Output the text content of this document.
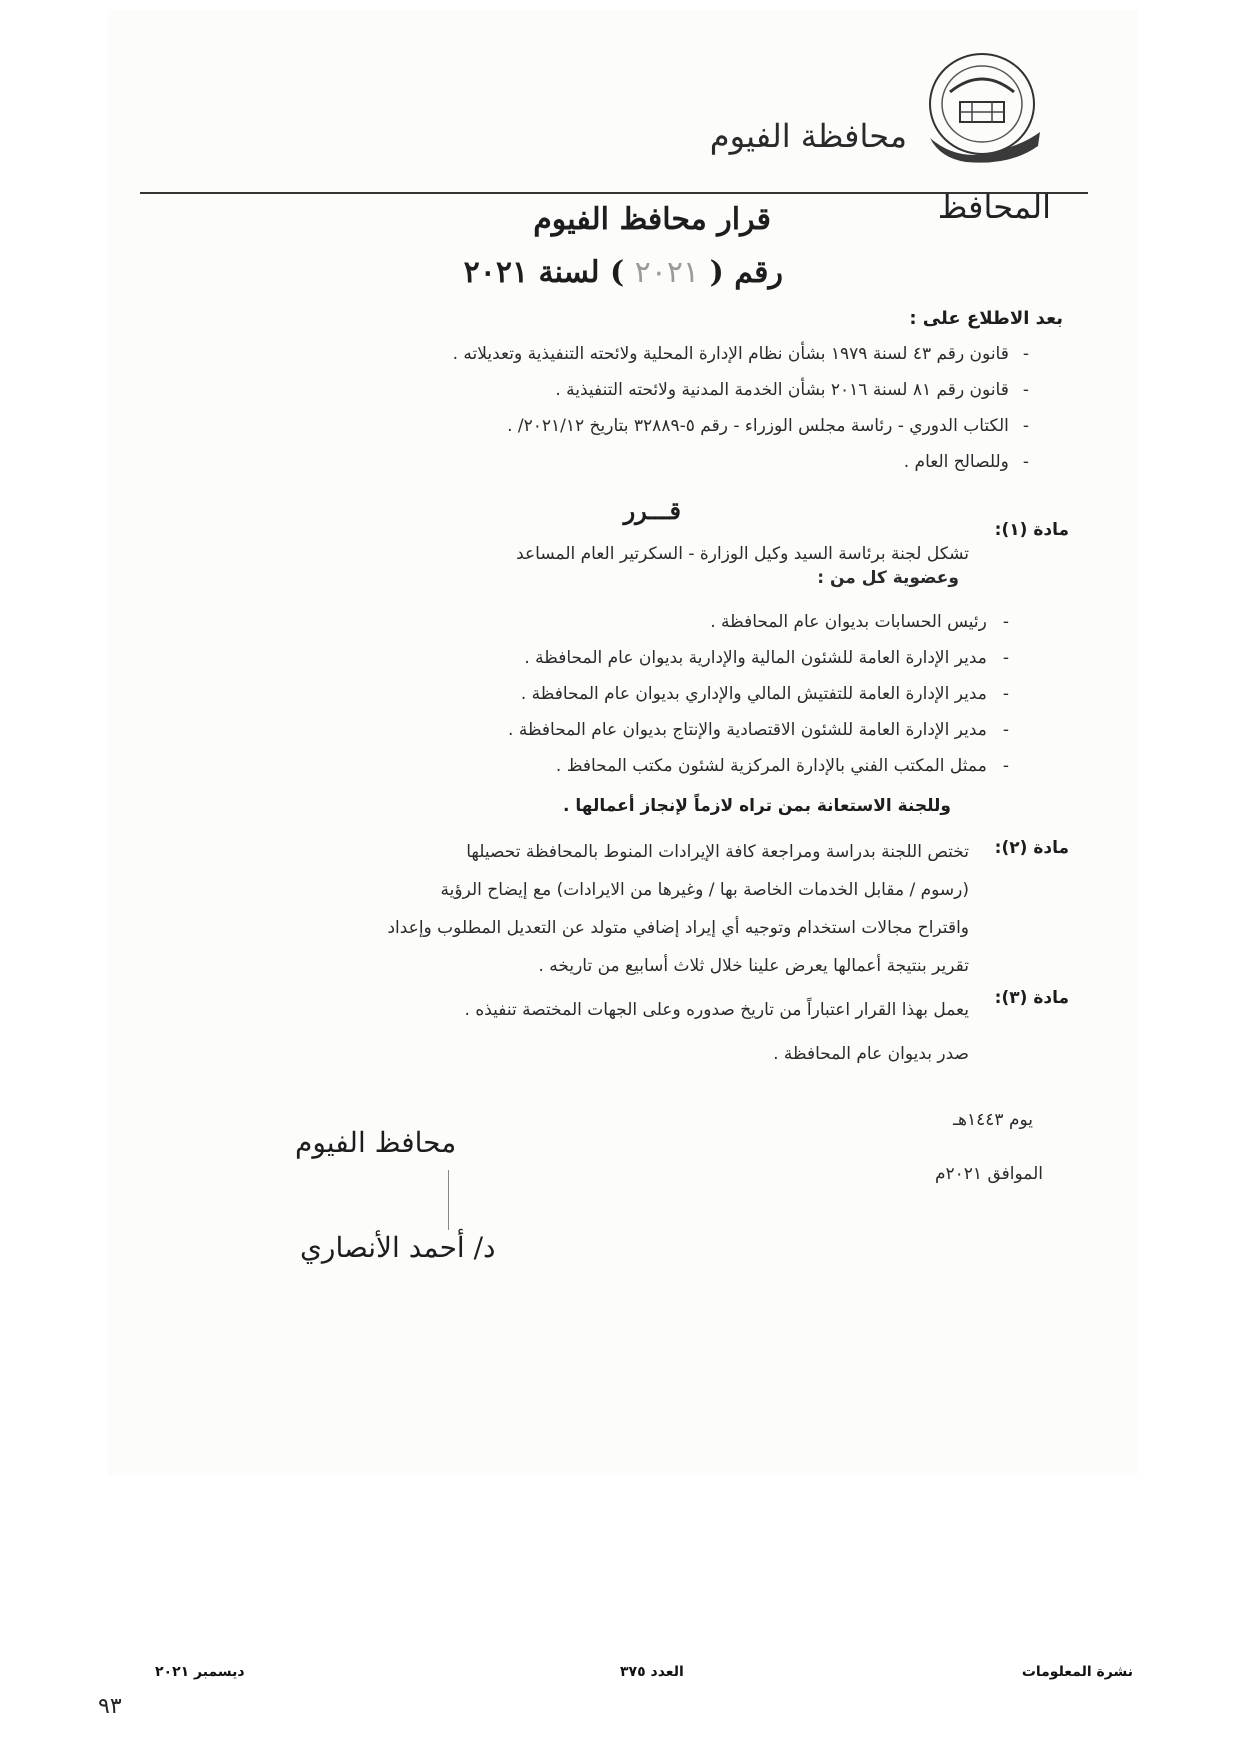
محافظة الفيوم
المحافظ
قرار محافظ الفيوم
رقم ( ٢٠٢١ ) لسنة ٢٠٢١
بعد الاطلاع على :
-قانون رقم ٤٣ لسنة ١٩٧٩ بشأن نظام الإدارة المحلية ولائحته التنفيذية وتعديلاته .
-قانون رقم ٨١ لسنة ٢٠١٦ بشأن الخدمة المدنية ولائحته التنفيذية .
-الكتاب الدوري - رئاسة مجلس الوزراء - رقم ٥-٣٢٨٨٩ بتاريخ ٢٠٢١/١٢/ .
-وللصالح العام .
قـــرر
مادة (١):
تشكل لجنة برئاسة السيد وكيل الوزارة - السكرتير العام المساعد
وعضوية كل من :
-رئيس الحسابات بديوان عام المحافظة .
-مدير الإدارة العامة للشئون المالية والإدارية بديوان عام المحافظة .
-مدير الإدارة العامة للتفتيش المالي والإداري بديوان عام المحافظة .
-مدير الإدارة العامة للشئون الاقتصادية والإنتاج بديوان عام المحافظة .
-ممثل المكتب الفني بالإدارة المركزية لشئون مكتب المحافظ .
وللجنة الاستعانة بمن تراه لازماً لإنجاز أعمالها .
مادة (٢):
تختص اللجنة بدراسة ومراجعة كافة الإيرادات المنوط بالمحافظة تحصيلها
(رسوم / مقابل الخدمات الخاصة بها / وغيرها من الايرادات) مع إيضاح الرؤية
واقتراح مجالات استخدام وتوجيه أي إيراد إضافي متولد عن التعديل المطلوب وإعداد
تقرير بنتيجة أعمالها يعرض علينا خلال ثلاث أسابيع من تاريخه .
مادة (٣):
يعمل بهذا القرار اعتباراً من تاريخ صدوره وعلى الجهات المختصة تنفيذه .
صدر بديوان عام المحافظة .
يوم ١٤٤٣هـ
الموافق ٢٠٢١م
محافظ الفيوم
د/ أحمد الأنصاري
نشرة المعلومات
العدد ٣٧٥
ديسمبر ٢٠٢١
٩٣
